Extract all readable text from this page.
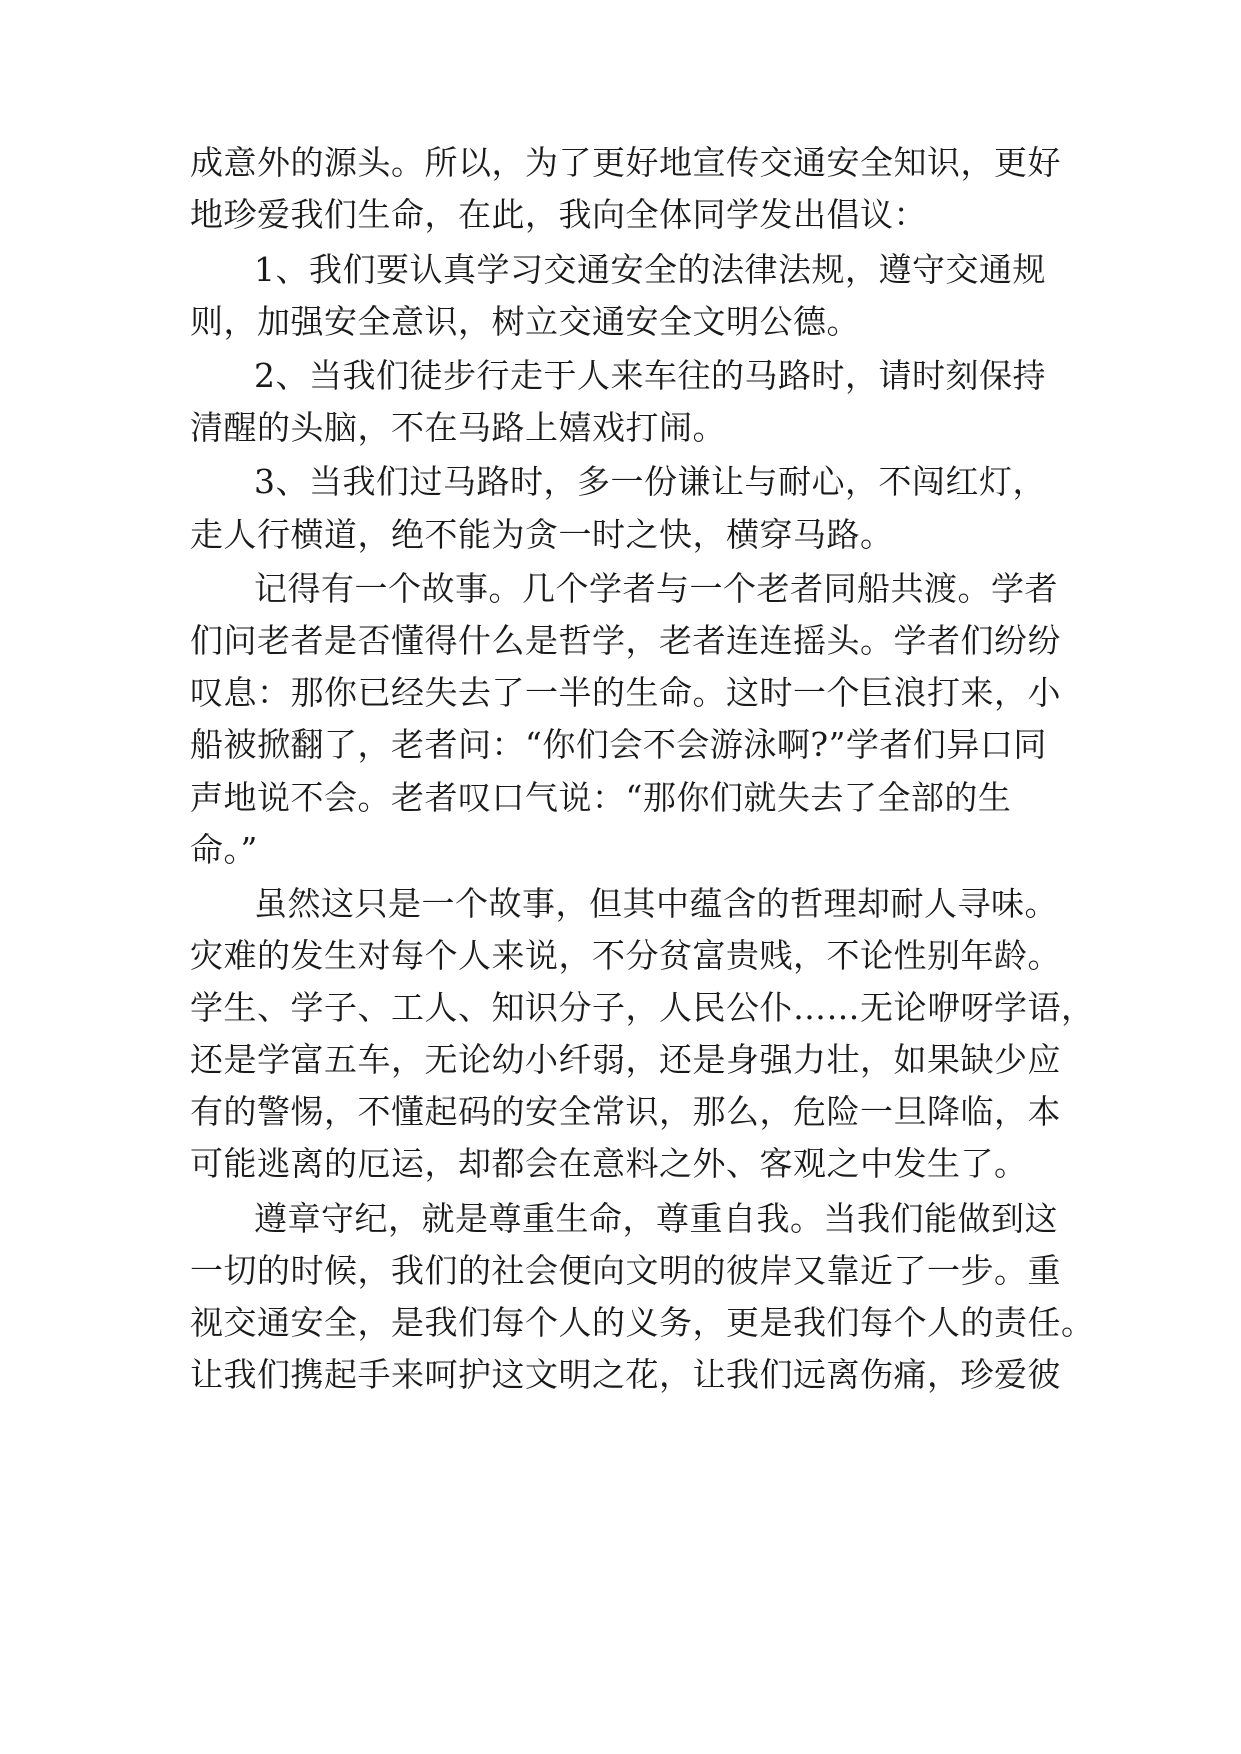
成意外的源头。所以，为了更好地宣传交通安全知识，更好
地珍爱我们生命，在此，我向全体同学发出倡议：
1、我们要认真学习交通安全的法律法规，遵守交通规
则，加强安全意识，树立交通安全文明公德。
2、当我们徒步行走于人来车往的马路时，请时刻保持
清醒的头脑，不在马路上嬉戏打闹。
3、当我们过马路时，多一份谦让与耐心，不闯红灯，
走人行横道，绝不能为贪一时之快，横穿马路。
记得有一个故事。几个学者与一个老者同船共渡。学者
们问老者是否懂得什么是哲学，老者连连摇头。学者们纷纷
叹息：那你已经失去了一半的生命。这时一个巨浪打来，小
船被掀翻了，老者问：“你们会不会游泳啊?”学者们异口同
声地说不会。老者叹口气说：“那你们就失去了全部的生
命。”
虽然这只是一个故事，但其中蕴含的哲理却耐人寻味。
灾难的发生对每个人来说，不分贫富贵贱，不论性别年龄。
学生、学子、工人、知识分子，人民公仆……无论咿呀学语，
还是学富五车，无论幼小纤弱，还是身强力壮，如果缺少应
有的警惕，不懂起码的安全常识，那么，危险一旦降临，本
可能逃离的厄运，却都会在意料之外、客观之中发生了。
遵章守纪，就是尊重生命，尊重自我。当我们能做到这
一切的时候，我们的社会便向文明的彼岸又靠近了一步。重
视交通安全，是我们每个人的义务，更是我们每个人的责任。
让我们携起手来呵护这文明之花，让我们远离伤痛，珍爱彼
